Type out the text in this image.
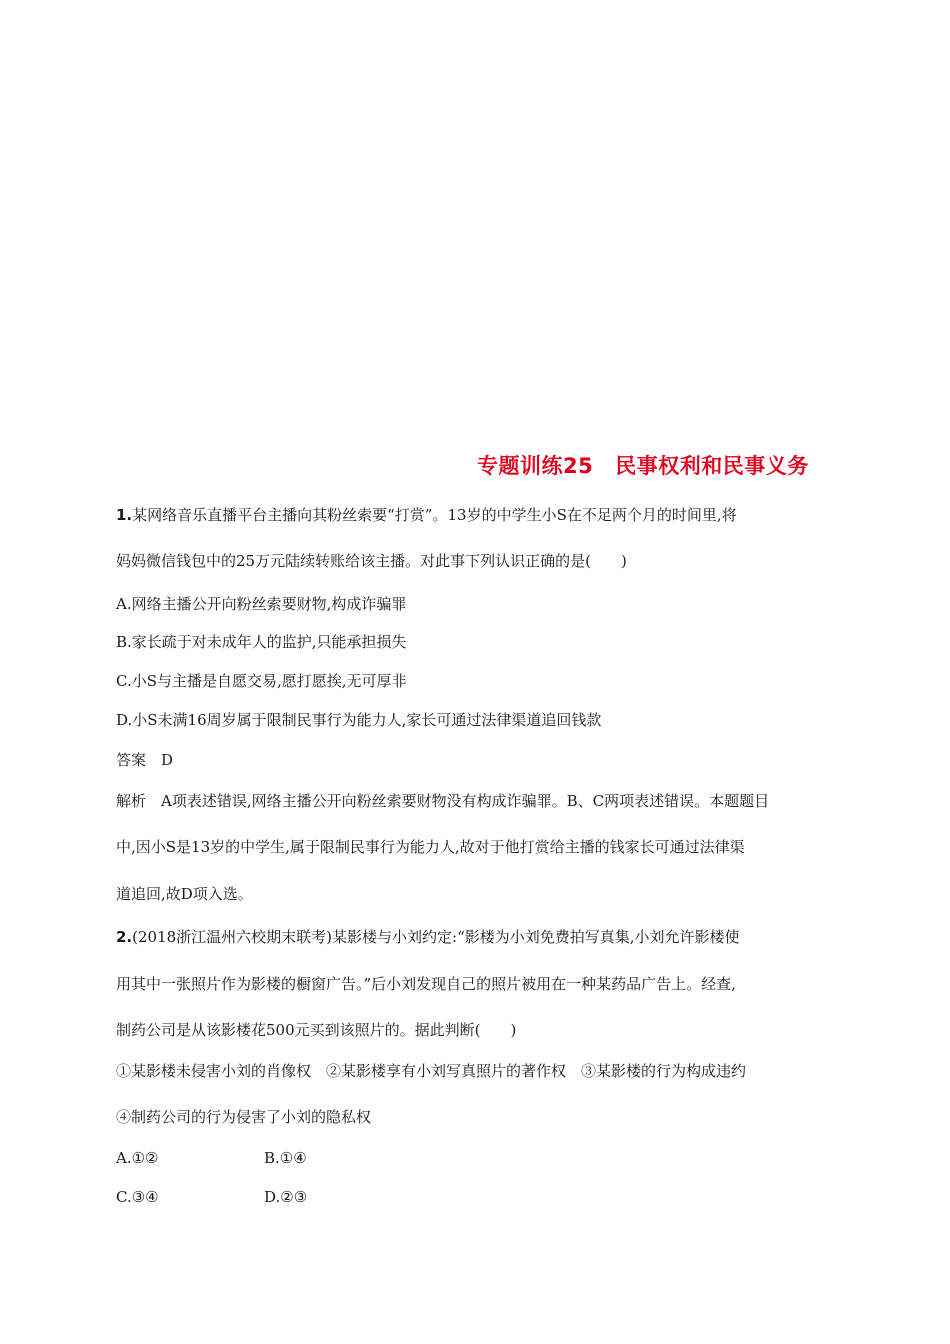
专题训练25 民事权利和民事义务
1.某网络音乐直播平台主播向其粉丝索要“打赏”。13岁的中学生小S在不足两个月的时间里,将
妈妈微信钱包中的25万元陆续转账给该主播。对此事下列认识正确的是(　　)
A.网络主播公开向粉丝索要财物,构成诈骗罪
B.家长疏于对未成年人的监护,只能承担损失
C.小S与主播是自愿交易,愿打愿挨,无可厚非
D.小S未满16周岁属于限制民事行为能力人,家长可通过法律渠道追回钱款
答案　D
解析　A项表述错误,网络主播公开向粉丝索要财物没有构成诈骗罪。B、C两项表述错误。本题题目
中,因小S是13岁的中学生,属于限制民事行为能力人,故对于他打赏给主播的钱家长可通过法律渠
道追回,故D项入选。
2.(2018浙江温州六校期末联考)某影楼与小刘约定:“影楼为小刘免费拍写真集,小刘允许影楼使
用其中一张照片作为影楼的橱窗广告。”后小刘发现自己的照片被用在一种某药品广告上。经查,
制药公司是从该影楼花500元买到该照片的。据此判断(　　)
①某影楼未侵害小刘的肖像权　②某影楼享有小刘写真照片的著作权　③某影楼的行为构成违约
④制药公司的行为侵害了小刘的隐私权
A.①②	B.①④
C.③④	D.②③
